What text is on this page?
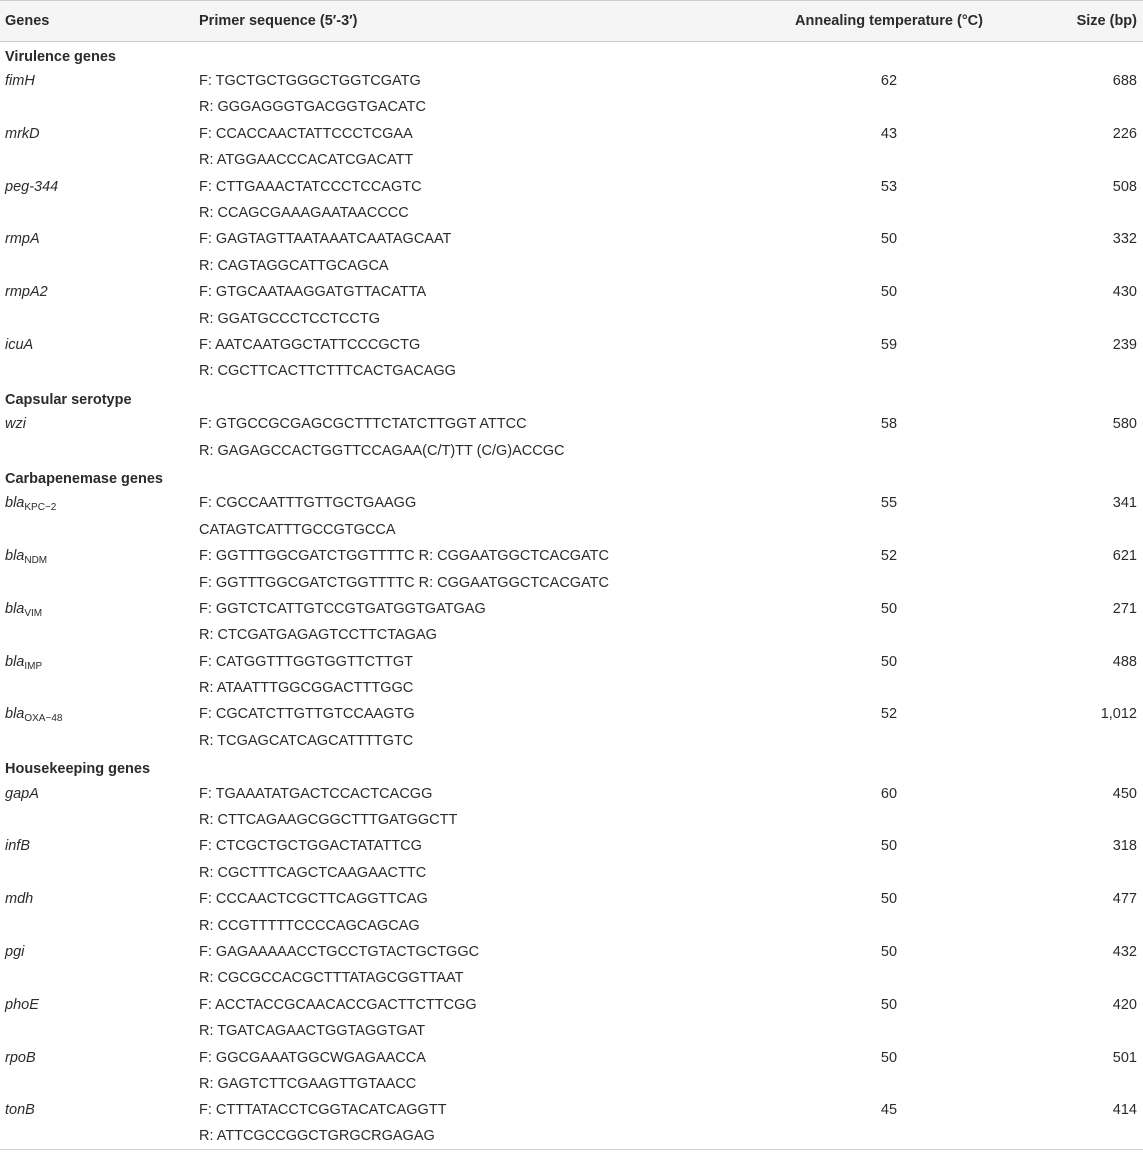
Genes	Primer sequence (5′-3′)	Annealing temperature (°C)	Size (bp)
Virulence genes			
fimH	F: TGCTGCTGGGCTGGTCGATG	62	688
	R: GGGAGGGTGACGGTGACATC		
mrkD	F: CCACCAACTATTCCCTCGAA	43	226
	R: ATGGAACCCACATCGACATT		
peg-344	F: CTTGAAACTATCCCTCCAGTC	53	508
	R: CCAGCGAAAGAATAACCCC		
rmpA	F: GAGTAGTTAATAAATCAATAGCAAT	50	332
	R: CAGTAGGCATTGCAGCA		
rmpA2	F: GTGCAATAAGGATGTTACATTA	50	430
	R: GGATGCCCTCCTCCTG		
icuA	F: AATCAATGGCTATTCCCGCTG	59	239
	R: CGCTTCACTTCTTTCACTGACAGG		
Capsular serotype			
wzi	F: GTGCCGCGAGCGCTTTCTATCTTGGT ATTCC	58	580
	R: GAGAGCCACTGGTTCCAGAA(C/T)TT (C/G)ACCGC		
Carbapenemase genes			
bla$_{KPC-2}$	F: CGCCAATTTGTTGCTGAAGG	55	341
	CATAGTCATTTGCCGTGCCA		
bla$_{NDM}$	F: GGTTTGGCGATCTGGTTTTC R: CGGAATGGCTCACGATC	52	621
	F: GGTTTGGCGATCTGGTTTTC R: CGGAATGGCTCACGATC		
bla$_{VIM}$	F: GGTCTCATTGTCCGTGATGGTGATGAG	50	271
	R: CTCGATGAGAGTCCTTCTAGAG		
bla$_{IMP}$	F: CATGGTTTGGTGGTTCTTGT	50	488
	R: ATAATTTGGCGGACTTTGGC		
bla$_{OXA-48}$	F: CGCATCTTGTTGTCCAAGTG	52	1,012
	R: TCGAGCATCAGCATTTTGTC		
Housekeeping genes			
gapA	F: TGAAATATGACTCCACTCACGG	60	450
	R: CTTCAGAAGCGGCTTTGATGGCTT		
infB	F: CTCGCTGCTGGACTATATTCG	50	318
	R: CGCTTTCAGCTCAAGAACTTC		
mdh	F: CCCAACTCGCTTCAGGTTCAG	50	477
	R: CCGTTTTTCCCCAGCAGCAG		
pgi	F: GAGAAAAACCTGCCTGTACTGCTGGC	50	432
	R: CGCGCCACGCTTTATAGCGGTTAAT		
phoE	F: ACCTACCGCAACACCGACTTCTTCGG	50	420
	R: TGATCAGAACTGGTAGGTGAT		
rpoB	F: GGCGAAATGGCWGAGAACCA	50	501
	R: GAGTCTTCGAAGTTGTAACC		
tonB	F: CTTTATACCTCGGTACATCAGGTT	45	414
	R: ATTCGCCGGCTGRGCRGAGAG		
